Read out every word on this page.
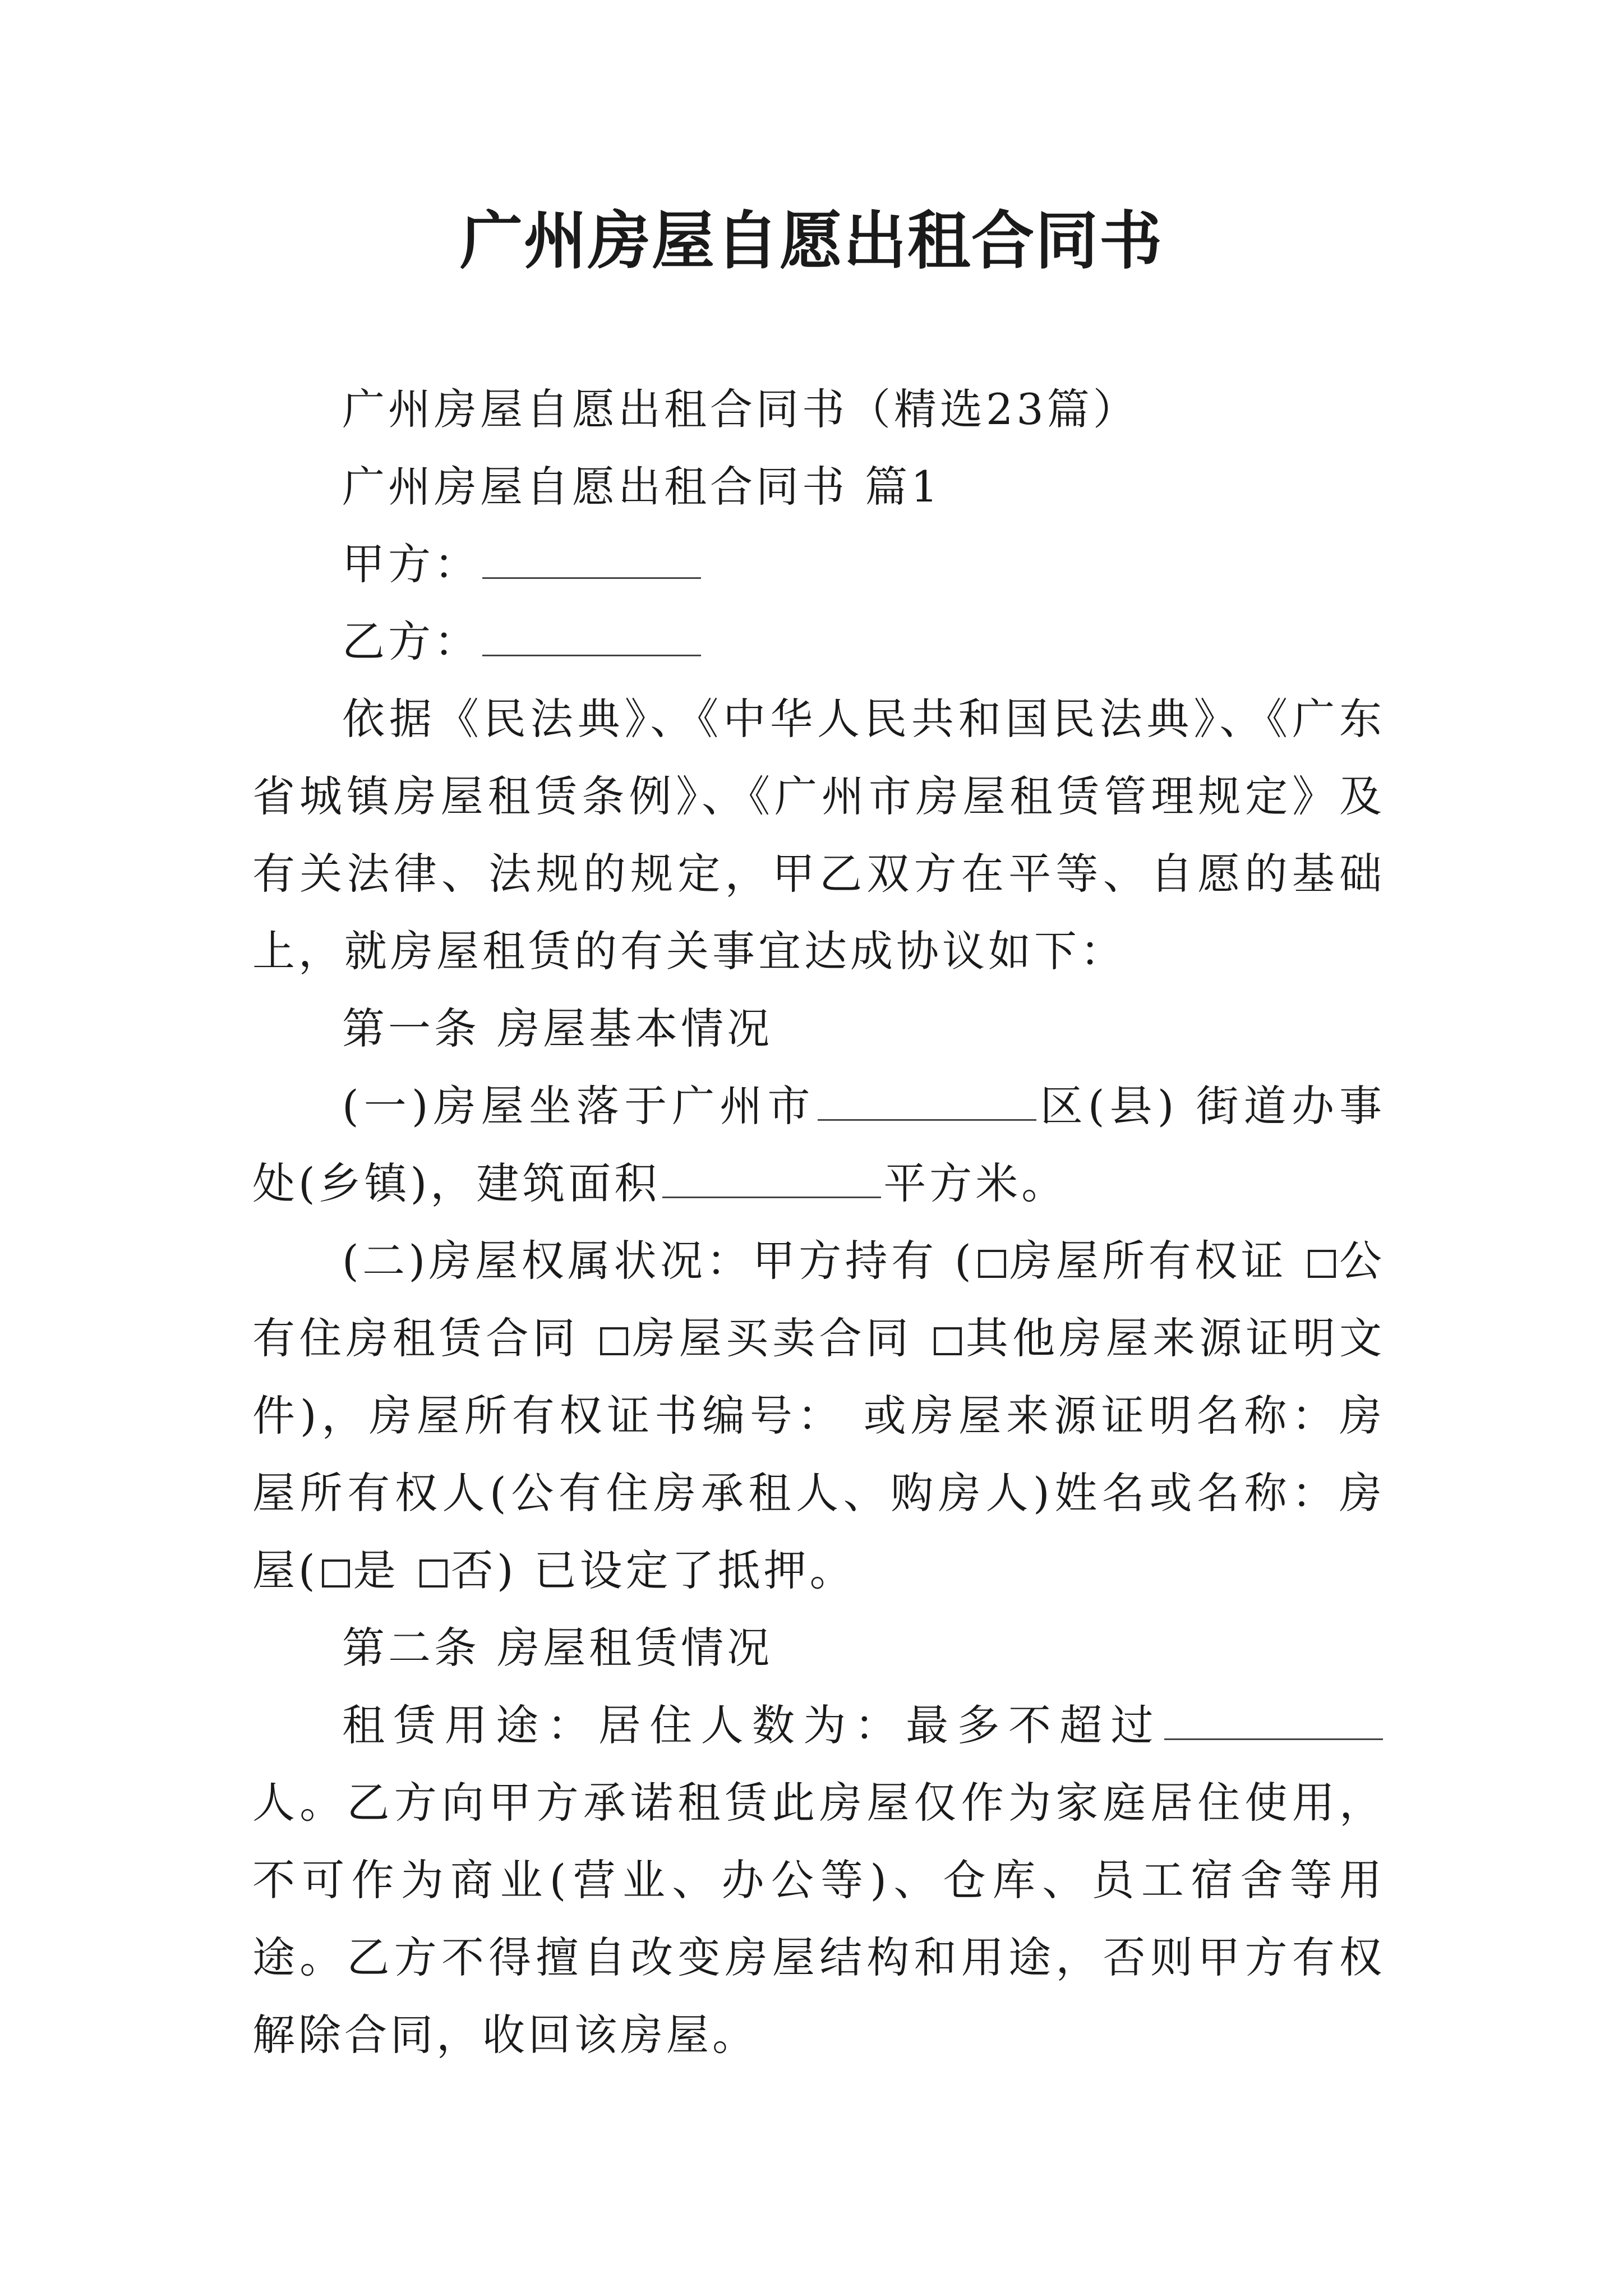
广州房屋自愿出租合同书

广州房屋自愿出租合同书（精选23篇）

广州房屋自愿出租合同书 篇1

甲方：

乙方：

依据《民法典》、《中华人民共和国民法典》、《广东省城镇房屋租赁条例》、《广州市房屋租赁管理规定》及有关法律、法规的规定，甲乙双方在平等、自愿的基础上，就房屋租赁的有关事宜达成协议如下：

第一条 房屋基本情况

(一)房屋坐落于广州市	区(县) 街道办事处(乡镇)，建筑面积	平方米。

(二)房屋权属状况：甲方持有 ( 房屋所有权证 公有住房租赁合同 房屋买卖合同 其他房屋来源证明文件)，房屋所有权证书编号： 或房屋来源证明名称：房屋所有权人(公有住房承租人、购房人)姓名或名称：房屋( 是 否) 已设定了抵押。

第二条 房屋租赁情况

租赁用途：居住人数为：最多不超过人。乙方向甲方承诺租赁此房屋仅作为家庭居住使用，不可作为商业(营业、办公等)、仓库、员工宿舍等用途。乙方不得擅自改变房屋结构和用途，否则甲方有权解除合同，收回该房屋。
